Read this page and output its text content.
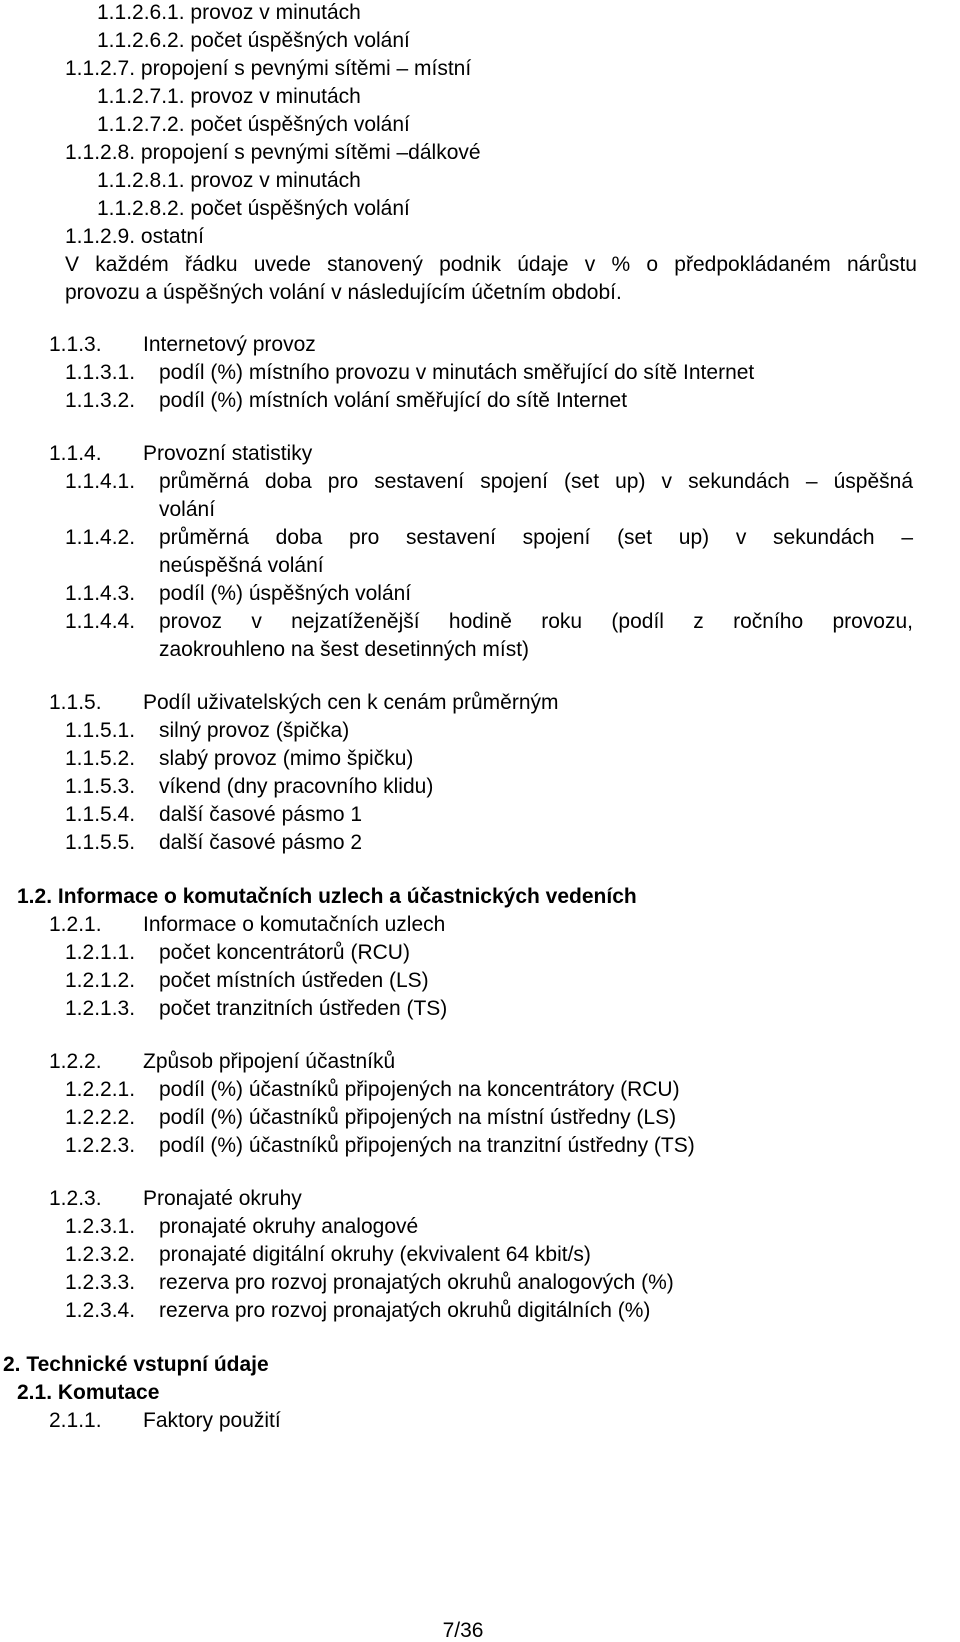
1.1.2.6.1. provoz v minutách
1.1.2.6.2. počet úspěšných volání
1.1.2.7. propojení s pevnými sítěmi – místní
1.1.2.7.1. provoz v minutách
1.1.2.7.2. počet úspěšných volání
1.1.2.8. propojení s pevnými sítěmi –dálkové
1.1.2.8.1. provoz v minutách
1.1.2.8.2. počet úspěšných volání
1.1.2.9. ostatní
V každém řádku uvede stanovený podnik údaje v % o předpokládaném nárůstu
provozu a úspěšných volání v následujícím účetním období.
1.1.3. Internetový provoz
1.1.3.1. podíl (%) místního provozu v minutách směřující do sítě Internet
1.1.3.2. podíl (%) místních volání směřující do sítě Internet
1.1.4. Provozní statistiky
1.1.4.1. průměrná doba pro sestavení spojení (set up) v sekundách – úspěšná
volání
1.1.4.2. průměrná doba pro sestavení spojení (set up) v sekundách –
neúspěšná volání
1.1.4.3. podíl (%) úspěšných volání
1.1.4.4. provoz v nejzatíženější hodině roku (podíl z ročního provozu,
zaokrouhleno na šest desetinných míst)
1.1.5. Podíl uživatelských cen k cenám průměrným
1.1.5.1. silný provoz (špička)
1.1.5.2. slabý provoz (mimo špičku)
1.1.5.3. víkend (dny pracovního klidu)
1.1.5.4. další časové pásmo 1
1.1.5.5. další časové pásmo 2
1.2. Informace o komutačních uzlech a účastnických vedeních
1.2.1. Informace o komutačních uzlech
1.2.1.1. počet koncentrátorů (RCU)
1.2.1.2. počet místních ústředen (LS)
1.2.1.3. počet tranzitních ústředen (TS)
1.2.2. Způsob připojení účastníků
1.2.2.1. podíl (%) účastníků připojených na koncentrátory (RCU)
1.2.2.2. podíl (%) účastníků připojených na místní ústředny (LS)
1.2.2.3. podíl (%) účastníků připojených na tranzitní ústředny (TS)
1.2.3. Pronajaté okruhy
1.2.3.1. pronajaté okruhy analogové
1.2.3.2. pronajaté digitální okruhy (ekvivalent 64 kbit/s)
1.2.3.3. rezerva pro rozvoj pronajatých okruhů analogových (%)
1.2.3.4. rezerva pro rozvoj pronajatých okruhů digitálních (%)
2. Technické vstupní údaje
2.1. Komutace
2.1.1. Faktory použití
7/36
